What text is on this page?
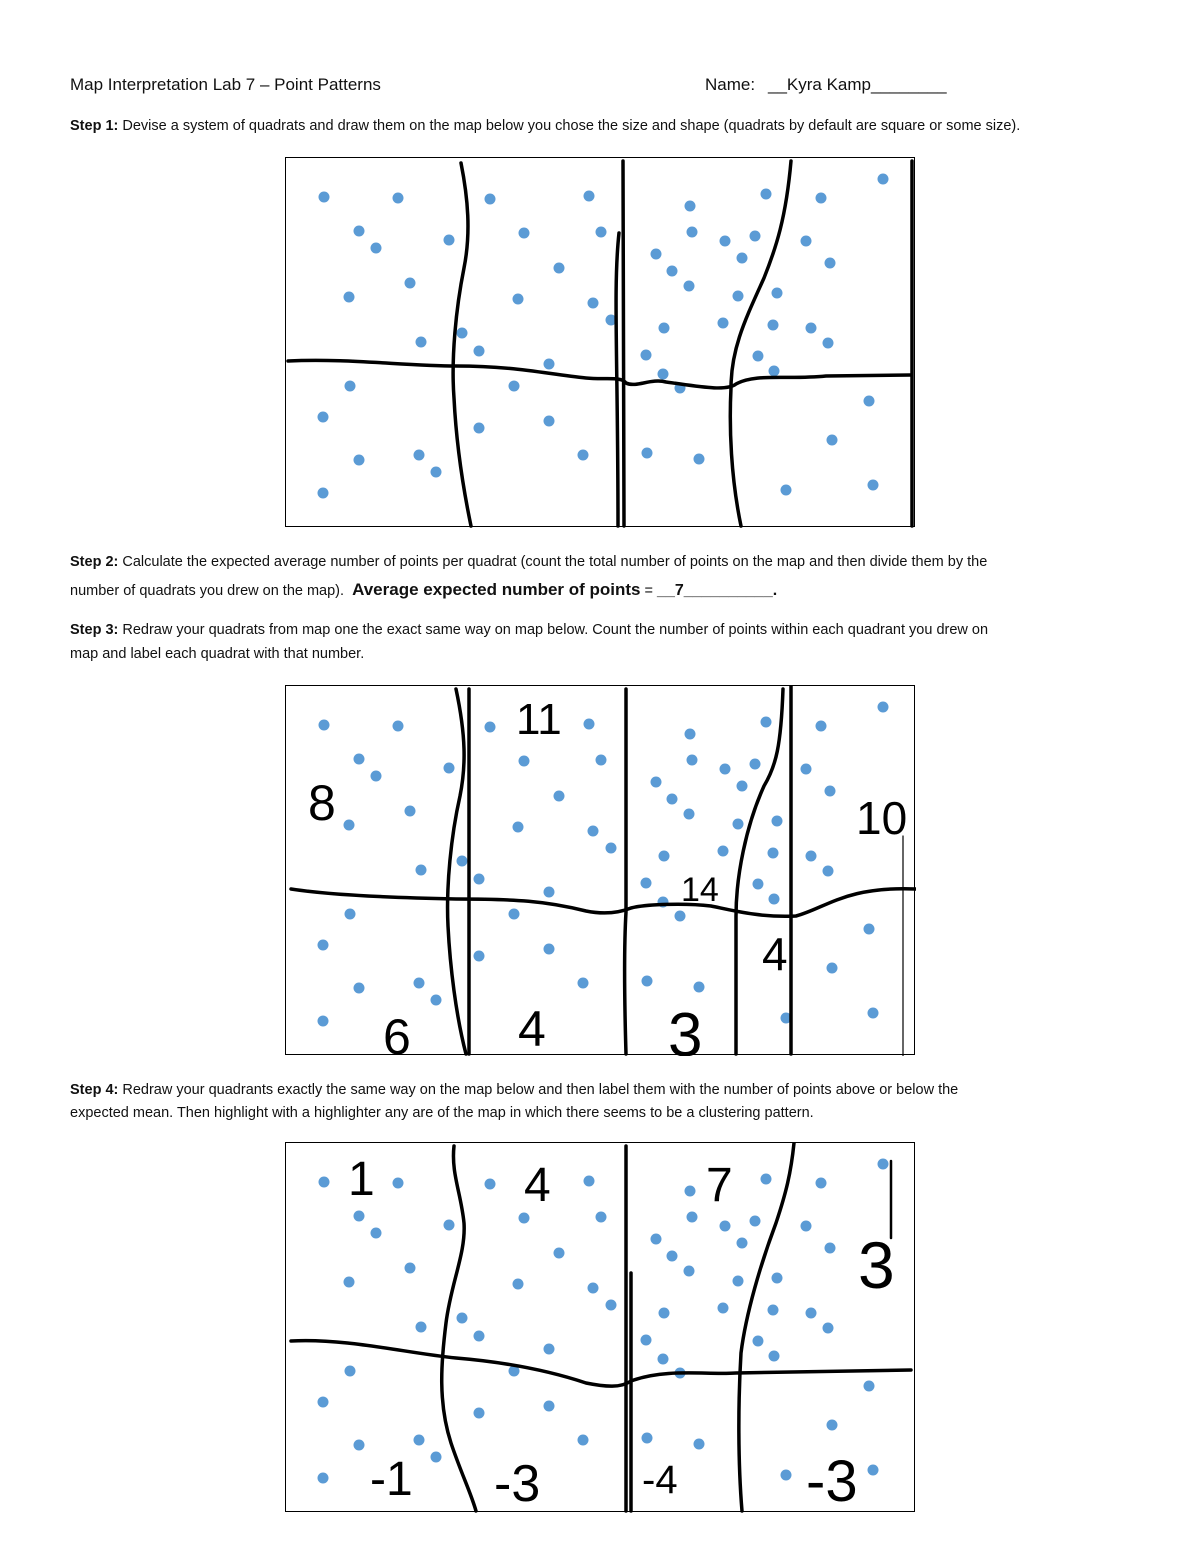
Map Interpretation Lab 7 – Point Patterns	Name: __Kyra Kamp________
Step 1: Devise a system of quadrats and draw them on the map below you chose the size and shape (quadrats by default are square or some size).
Step 2: Calculate the expected average number of points per quadrat (count the total number of points on the map and then divide them by the
number of quadrats you drew on the map). Average expected number of points = __7__________.
Step 3: Redraw your quadrats from map one the exact same way on map below. Count the number of points within each quadrant you drew on
map and label each quadrat with that number.
8
11
14
10
6 4 3
4
Step 4: Redraw your quadrants exactly the same way on the map below and then label them with the number of points above or below the
expected mean. Then highlight with a highlighter any are of the map in which there seems to be a clustering pattern.
1	4	7
3
-1 -3	-4 -3
